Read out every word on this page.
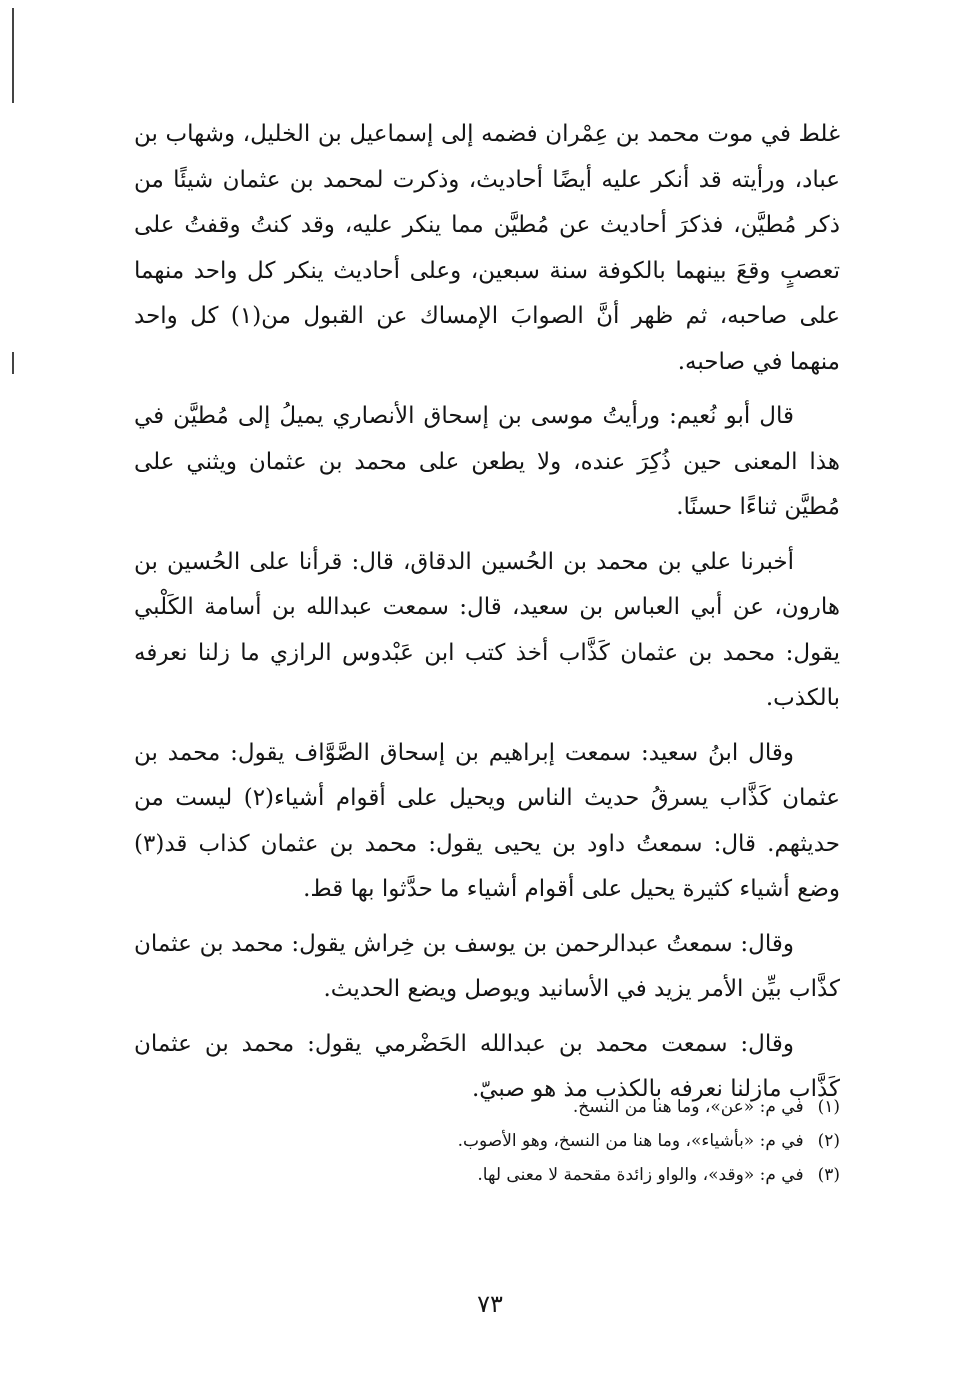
غلط في موت محمد بن عِمْران فضمه إلى إسماعيل بن الخليل، وشهاب بن عباد، ورأيته قد أنكر عليه أيضًا أحاديث، وذكرت لمحمد بن عثمان شيئًا من ذكر مُطيَّن، فذكرَ أحاديث عن مُطيَّن مما ينكر عليه، وقد كنتُ وقفتُ على تعصبٍ وقعَ بينهما بالكوفة سنة سبعين، وعلى أحاديث ينكر كل واحد منهما على صاحبه، ثم ظهر أنَّ الصوابَ الإمساك عن القبول من(١) كل واحد منهما في صاحبه.

قال أبو نُعيم: ورأيتُ موسى بن إسحاق الأنصاري يميلُ إلى مُطيَّن في هذا المعنى حين ذُكِرَ عنده، ولا يطعن على محمد بن عثمان ويثني على مُطيَّن ثناءًا حسنًا.

أخبرنا علي بن محمد بن الحُسين الدقاق، قال: قرأنا على الحُسين بن هارون، عن أبي العباس بن سعيد، قال: سمعت عبدالله بن أسامة الكَلْبي يقول: محمد بن عثمان كَذَّاب أخذ كتب ابن عَبْدوس الرازي ما زلنا نعرفه بالكذب.

وقال ابنُ سعيد: سمعت إبراهيم بن إسحاق الصَّوَّاف يقول: محمد بن عثمان كَذَّاب يسرقُ حديث الناس ويحيل على أقوام أشياء(٢) ليست من حديثهم. قال: سمعتُ داود بن يحيى يقول: محمد بن عثمان كذاب قد(٣) وضع أشياء كثيرة يحيل على أقوام أشياء ما حدَّثوا بها قط.

وقال: سمعتُ عبدالرحمن بن يوسف بن خِراش يقول: محمد بن عثمان كذَّاب بيِّن الأمر يزيد في الأسانيد ويوصل ويضع الحديث.

وقال: سمعت محمد بن عبدالله الحَضْرمي يقول: محمد بن عثمان كَذَّاب مازلنا نعرفه بالكذب مذ هو صبيّ.

(١)
في م: «عن»، وما هنا من النسخ.
(٢)
في م: «بأشياء»، وما هنا من النسخ، وهو الأصوب.
(٣)
في م: «وقد»، والواو زائدة مقحمة لا معنى لها.
٧٣
